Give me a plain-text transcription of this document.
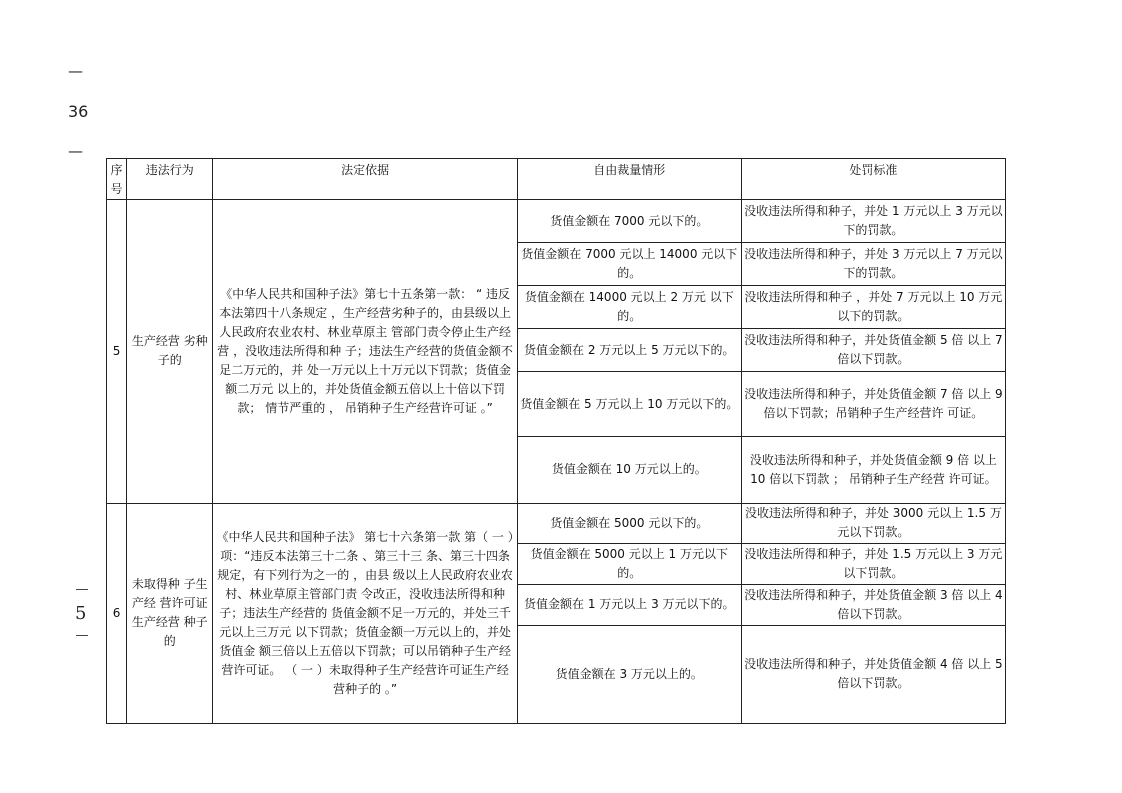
—
36
—
5
序号	违法行为	法定依据	自由裁量情形	处罚标准
5	生产经营 劣种子的	《中华人民共和国种子法》第七十五条第一款： “ 违反本法第四十八条规定 ，生产经营劣种子的，由县级以上人民政府农业农村、林业草原主 管部门责令停止生产经营 ，没收违法所得和种 子；违法生产经营的货值金额不足二万元的，并 处一万元以上十万元以下罚款；货值金额二万元 以上的，并处货值金额五倍以上十倍以下罚款； 情节严重的 ， 吊销种子生产经营许可证 。”	货值金额在 7000 元以下的。	没收违法所得和种子，并处 1 万元以上 3 万元以下的罚款。
			货值金额在 7000 元以上 14000 元以下的。	没收违法所得和种子，并处 3 万元以上 7 万元以下的罚款。
			货值金额在 14000 元以上 2 万元 以下的。	没收违法所得和种子 ，并处 7 万元以上 10 万元以下的罚款。
			货值金额在 2 万元以上 5 万元以下的。	没收违法所得和种子，并处货值金额 5 倍 以上 7 倍以下罚款。
			货值金额在 5 万元以上 10 万元以下的。	没收违法所得和种子，并处货值金额 7 倍 以上 9 倍以下罚款；吊销种子生产经营许 可证。
			货值金额在 10 万元以上的。	没收违法所得和种子，并处货值金额 9 倍 以上 10 倍以下罚款 ； 吊销种子生产经营 许可证。
6	未取得种 子生产经 营许可证 生产经营 种子的	《中华人民共和国种子法》 第七十六条第一款 第（ 一 ）项：“违反本法第三十二条 、第三十三 条、第三十四条规定，有下列行为之一的 ，由县 级以上人民政府农业农村、林业草原主管部门责 令改正，没收违法所得和种子；违法生产经营的 货值金额不足一万元的，并处三千元以上三万元 以下罚款；货值金额一万元以上的，并处货值金 额三倍以上五倍以下罚款；可以吊销种子生产经 营许可证。 （ 一 ）未取得种子生产经营许可证生产经营种子的 。”	货值金额在 5000 元以下的。	没收违法所得和种子，并处 3000 元以上 1.5 万元以下罚款。
			货值金额在 5000 元以上 1 万元以下的。	没收违法所得和种子，并处 1.5 万元以上 3 万元以下罚款。
			货值金额在 1 万元以上 3 万元以下的。	没收违法所得和种子，并处货值金额 3 倍 以上 4 倍以下罚款。
			货值金额在 3 万元以上的。	没收违法所得和种子，并处货值金额 4 倍 以上 5 倍以下罚款。
